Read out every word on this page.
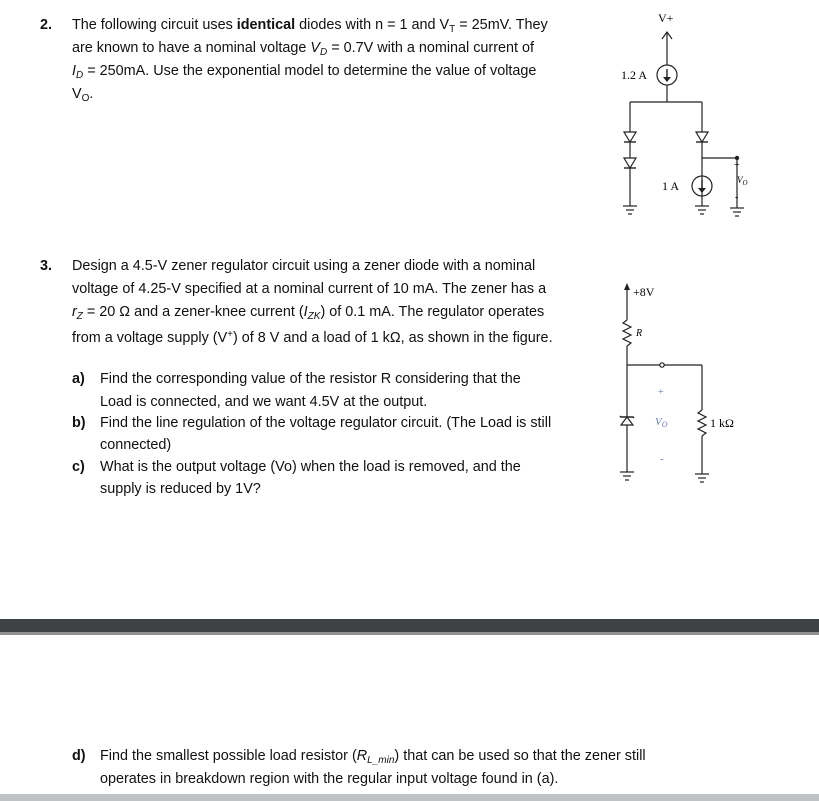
2. The following circuit uses identical diodes with n = 1 and $V_T = 25mV$. They
are known to have a nominal voltage $V_D = 0.7V$ with a nominal current of
$I_D = 250mA$. Use the exponential model to determine the value of voltage
$V_O$.
V+
1.2 A
1 A
+
$V_O$
-
3. Design a 4.5-V zener regulator circuit using a zener diode with a nominal
voltage of 4.25-V specified at a nominal current of 10 mA. The zener has a
$r_Z = 20$ Ω and a zener-knee current $(I_{ZK})$ of 0.1 mA. The regulator operates
from a voltage supply (V+) of 8 V and a load of 1 kΩ, as shown in the figure.
a) Find the corresponding value of the resistor R considering that the
Load is connected, and we want 4.5V at the output.
b) Find the line regulation of the voltage regulator circuit. (The Load is still
connected)
c) What is the output voltage (Vo) when the load is removed, and the
supply is reduced by 1V?
+8V
R
+
VO
-
1 kΩ
d) Find the smallest possible load resistor $(R_{L\_min})$ that can be used so that the zener still
operates in breakdown region with the regular input voltage found in (a).
